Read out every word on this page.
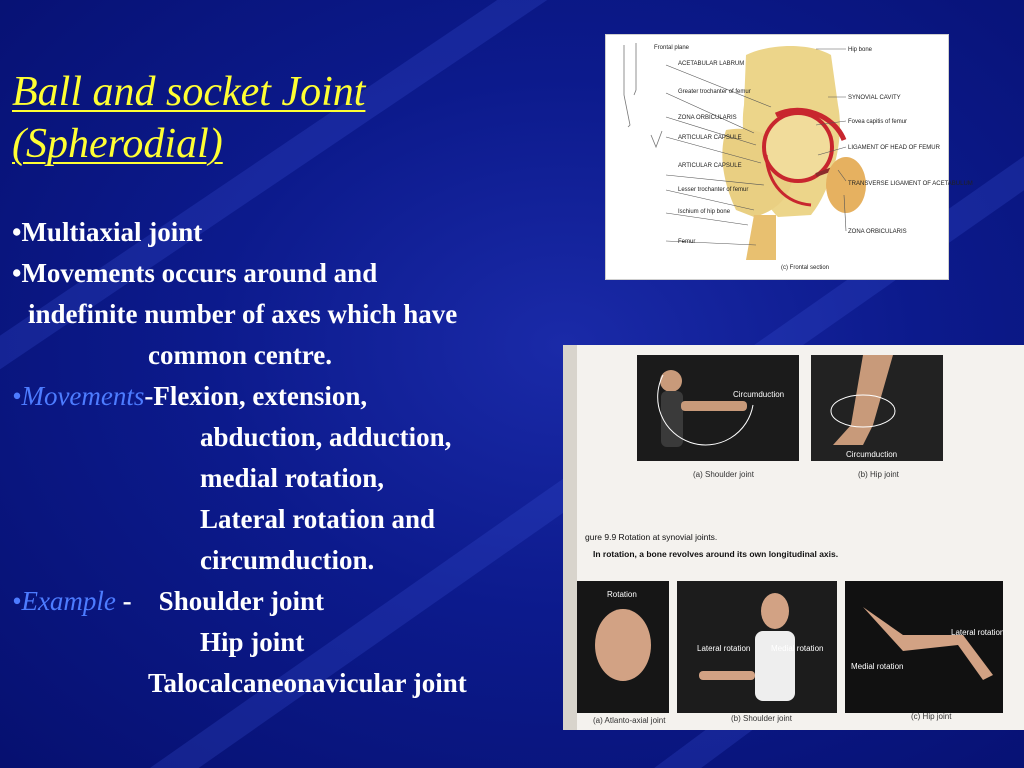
Ball and socket Joint
(Spherodial)
•Multiaxial joint
•Movements occurs around and
indefinite number of axes which have
common centre.
•Movements-Flexion, extension,
abduction, adduction,
medial rotation,
Lateral rotation and
circumduction.
•Example -    Shoulder joint
Hip joint
Talocalcaneonavicular joint
Frontal plane
ACETABULAR LABRUM
Greater trochanter of femur
ZONA ORBICULARIS
ARTICULAR CAPSULE
ARTICULAR CAPSULE
Lesser trochanter of femur
Ischium of hip bone
Femur
Hip bone
SYNOVIAL CAVITY
Fovea capitis of femur
LIGAMENT OF HEAD OF FEMUR
TRANSVERSE LIGAMENT OF ACETABULUM
ZONA ORBICULARIS
(c) Frontal section
Circumduction
Circumduction
(a) Shoulder joint	(b) Hip joint
gure 9.9 Rotation at synovial joints.
In rotation, a bone revolves around its own longitudinal axis.
Rotation
Lateral rotation	Medial rotation
Lateral rotation
Medial rotation
(a) Atlanto-axial joint	(b) Shoulder joint	(c) Hip joint
